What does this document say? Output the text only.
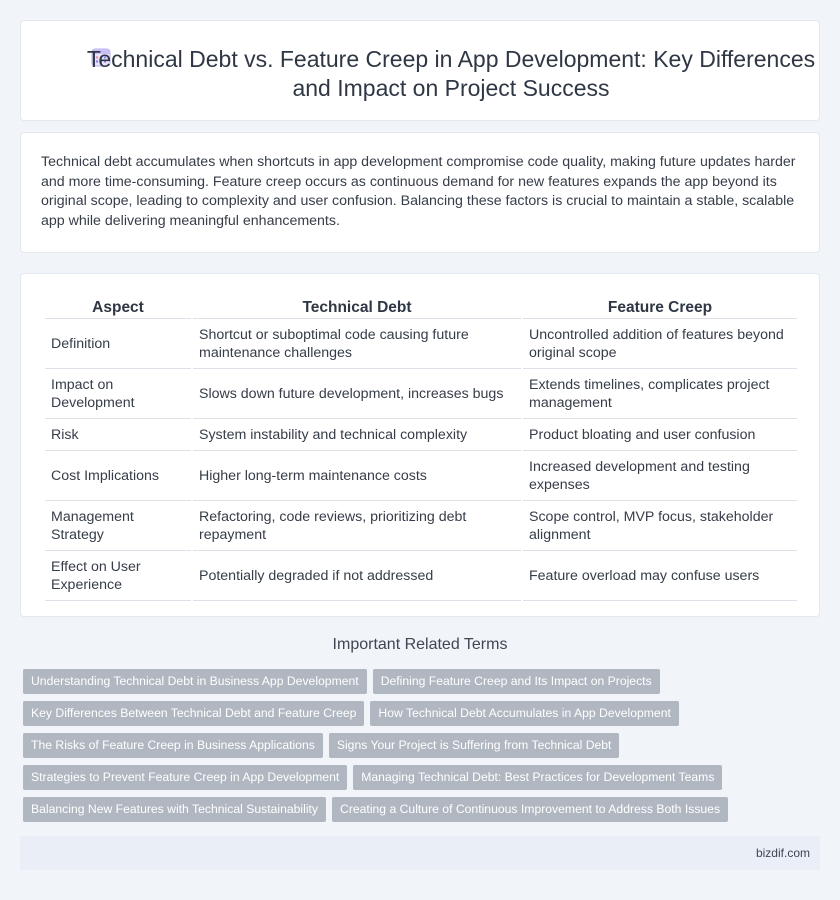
Technical Debt vs. Feature Creep in App Development: Key Differences and Impact on Project Success

Technical debt accumulates when shortcuts in app development compromise code quality, making future updates harder and more time-consuming. Feature creep occurs as continuous demand for new features expands the app beyond its original scope, leading to complexity and user confusion. Balancing these factors is crucial to maintain a stable, scalable app while delivering meaningful enhancements.

Aspect	Technical Debt	Feature Creep
Definition	Shortcut or suboptimal code causing future maintenance challenges	Uncontrolled addition of features beyond original scope
Impact on Development	Slows down future development, increases bugs	Extends timelines, complicates project management
Risk	System instability and technical complexity	Product bloating and user confusion
Cost Implications	Higher long-term maintenance costs	Increased development and testing expenses
Management Strategy	Refactoring, code reviews, prioritizing debt repayment	Scope control, MVP focus, stakeholder alignment
Effect on User Experience	Potentially degraded if not addressed	Feature overload may confuse users
Important Related Terms
Understanding Technical Debt in Business App Development Defining Feature Creep and Its Impact on Projects
Key Differences Between Technical Debt and Feature Creep How Technical Debt Accumulates in App Development
The Risks of Feature Creep in Business Applications Signs Your Project is Suffering from Technical Debt
Strategies to Prevent Feature Creep in App Development Managing Technical Debt: Best Practices for Development Teams
Balancing New Features with Technical Sustainability Creating a Culture of Continuous Improvement to Address Both Issues
bizdif.com
